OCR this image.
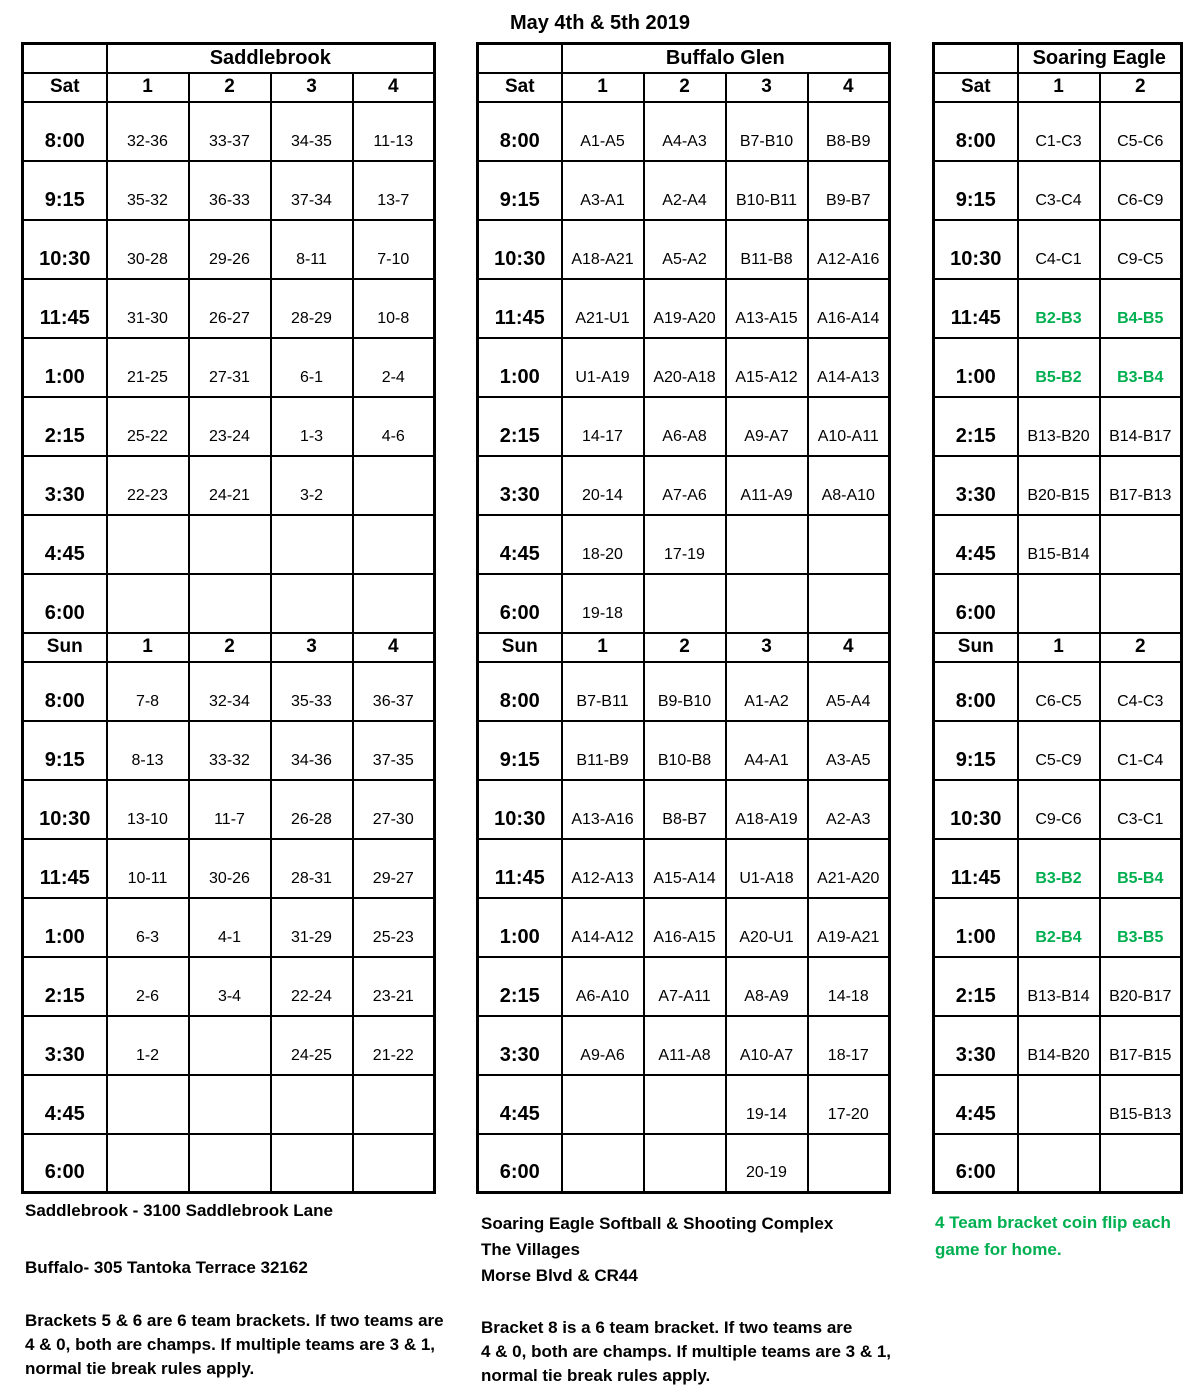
May 4th & 5th 2019
	Saddlebrook			
Sat	1	2	3	4
8:00	32-36	33-37	34-35	11-13
9:15	35-32	36-33	37-34	13-7
10:30	30-28	29-26	8-11	7-10
11:45	31-30	26-27	28-29	10-8
1:00	21-25	27-31	6-1	2-4
2:15	25-22	23-24	1-3	4-6
3:30	22-23	24-21	3-2	
4:45				
6:00				
Sun	1	2	3	4
8:00	7-8	32-34	35-33	36-37
9:15	8-13	33-32	34-36	37-35
10:30	13-10	11-7	26-28	27-30
11:45	10-11	30-26	28-31	29-27
1:00	6-3	4-1	31-29	25-23
2:15	2-6	3-4	22-24	23-21
3:30	1-2		24-25	21-22
4:45				
6:00				
	Buffalo Glen			
Sat	1	2	3	4
8:00	A1-A5	A4-A3	B7-B10	B8-B9
9:15	A3-A1	A2-A4	B10-B11	B9-B7
10:30	A18-A21	A5-A2	B11-B8	A12-A16
11:45	A21-U1	A19-A20	A13-A15	A16-A14
1:00	U1-A19	A20-A18	A15-A12	A14-A13
2:15	14-17	A6-A8	A9-A7	A10-A11
3:30	20-14	A7-A6	A11-A9	A8-A10
4:45	18-20	17-19		
6:00	19-18			
Sun	1	2	3	4
8:00	B7-B11	B9-B10	A1-A2	A5-A4
9:15	B11-B9	B10-B8	A4-A1	A3-A5
10:30	A13-A16	B8-B7	A18-A19	A2-A3
11:45	A12-A13	A15-A14	U1-A18	A21-A20
1:00	A14-A12	A16-A15	A20-U1	A19-A21
2:15	A6-A10	A7-A11	A8-A9	14-18
3:30	A9-A6	A11-A8	A10-A7	18-17
4:45			19-14	17-20
6:00			20-19	
	Soaring Eagle	
Sat	1	2
8:00	C1-C3	C5-C6
9:15	C3-C4	C6-C9
10:30	C4-C1	C9-C5
11:45	B2-B3	B4-B5
1:00	B5-B2	B3-B4
2:15	B13-B20	B14-B17
3:30	B20-B15	B17-B13
4:45	B15-B14	
6:00		
Sun	1	2
8:00	C6-C5	C4-C3
9:15	C5-C9	C1-C4
10:30	C9-C6	C3-C1
11:45	B3-B2	B5-B4
1:00	B2-B4	B3-B5
2:15	B13-B14	B20-B17
3:30	B14-B20	B17-B15
4:45		B15-B13
6:00		
Saddlebrook - 3100 Saddlebrook Lane
Buffalo- 305 Tantoka Terrace 32162
Brackets 5 & 6 are 6 team brackets. If two teams are
4 & 0, both are champs. If multiple teams are 3 & 1,
normal tie break rules apply.
Soaring Eagle Softball & Shooting Complex
The Villages
Morse Blvd & CR44
Bracket 8 is a 6 team bracket. If two teams are
4 & 0, both are champs. If multiple teams are 3 & 1,
normal tie break rules apply.
4 Team bracket coin flip each
game for home.
